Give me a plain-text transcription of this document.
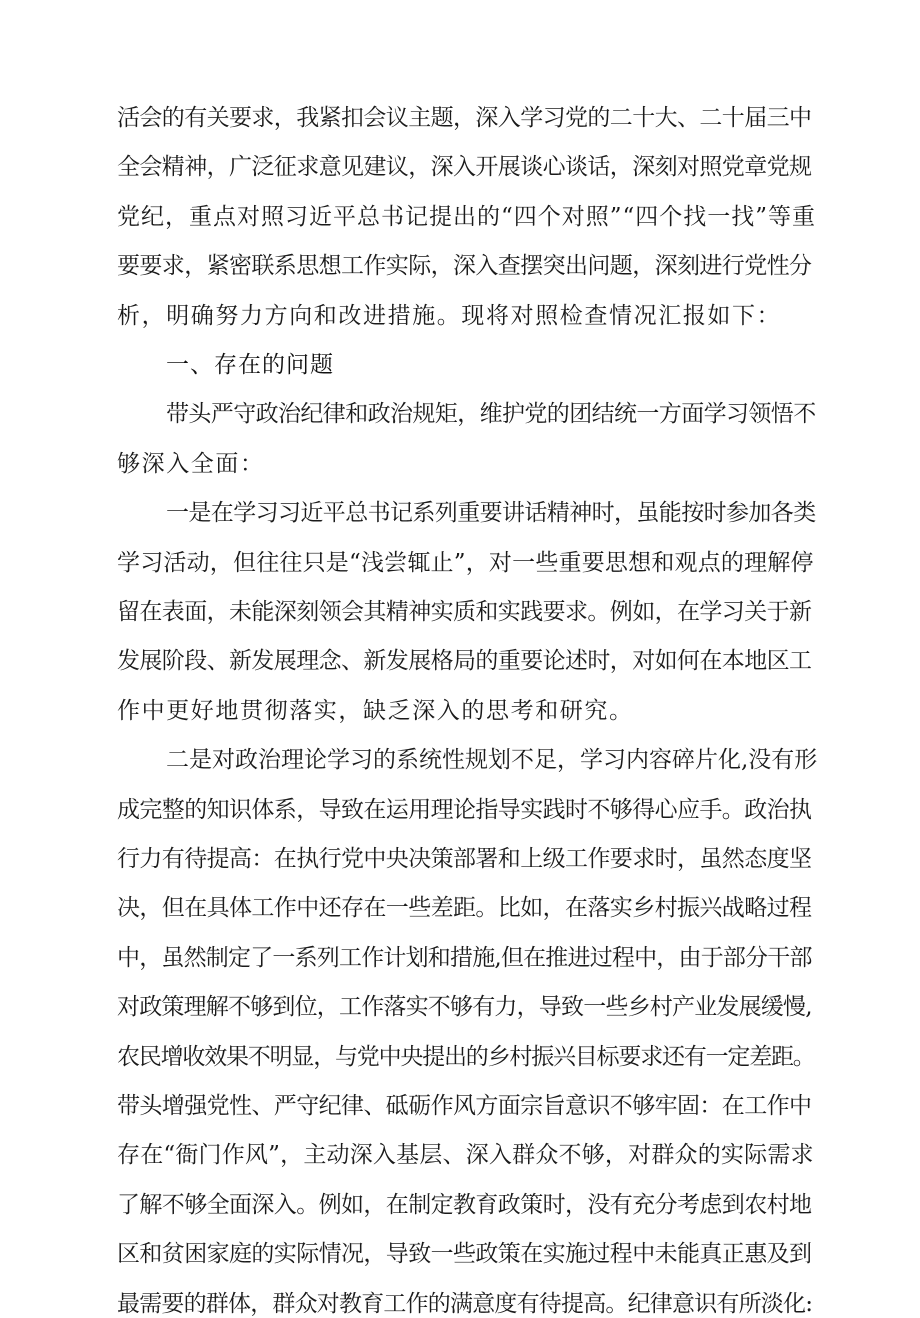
活会的有关要求，我紧扣会议主题，深入学习党的二十大、二十届三中
全会精神，广泛征求意见建议，深入开展谈心谈话，深刻对照党章党规
党纪，重点对照习近平总书记提出的“四个对照”“四个找一找”等重
要要求，紧密联系思想工作实际，深入查摆突出问题，深刻进行党性分
析，明确努力方向和改进措施。现将对照检查情况汇报如下：
一、存在的问题
带头严守政治纪律和政治规矩，维护党的团结统一方面学习领悟不
够深入全面：
一是在学习习近平总书记系列重要讲话精神时，虽能按时参加各类
学习活动，但往往只是“浅尝辄止”，对一些重要思想和观点的理解停
留在表面，未能深刻领会其精神实质和实践要求。例如，在学习关于新
发展阶段、新发展理念、新发展格局的重要论述时，对如何在本地区工
作中更好地贯彻落实，缺乏深入的思考和研究。
二是对政治理论学习的系统性规划不足，学习内容碎片化,没有形
成完整的知识体系，导致在运用理论指导实践时不够得心应手。政治执
行力有待提高：在执行党中央决策部署和上级工作要求时，虽然态度坚
决，但在具体工作中还存在一些差距。比如，在落实乡村振兴战略过程
中，虽然制定了一系列工作计划和措施,但在推进过程中，由于部分干部
对政策理解不够到位，工作落实不够有力，导致一些乡村产业发展缓慢,
农民增收效果不明显，与党中央提出的乡村振兴目标要求还有一定差距。
带头增强党性、严守纪律、砥砺作风方面宗旨意识不够牢固：在工作中
存在“衙门作风”，主动深入基层、深入群众不够，对群众的实际需求
了解不够全面深入。例如，在制定教育政策时，没有充分考虑到农村地
区和贫困家庭的实际情况，导致一些政策在实施过程中未能真正惠及到
最需要的群体，群众对教育工作的满意度有待提高。纪律意识有所淡化:
